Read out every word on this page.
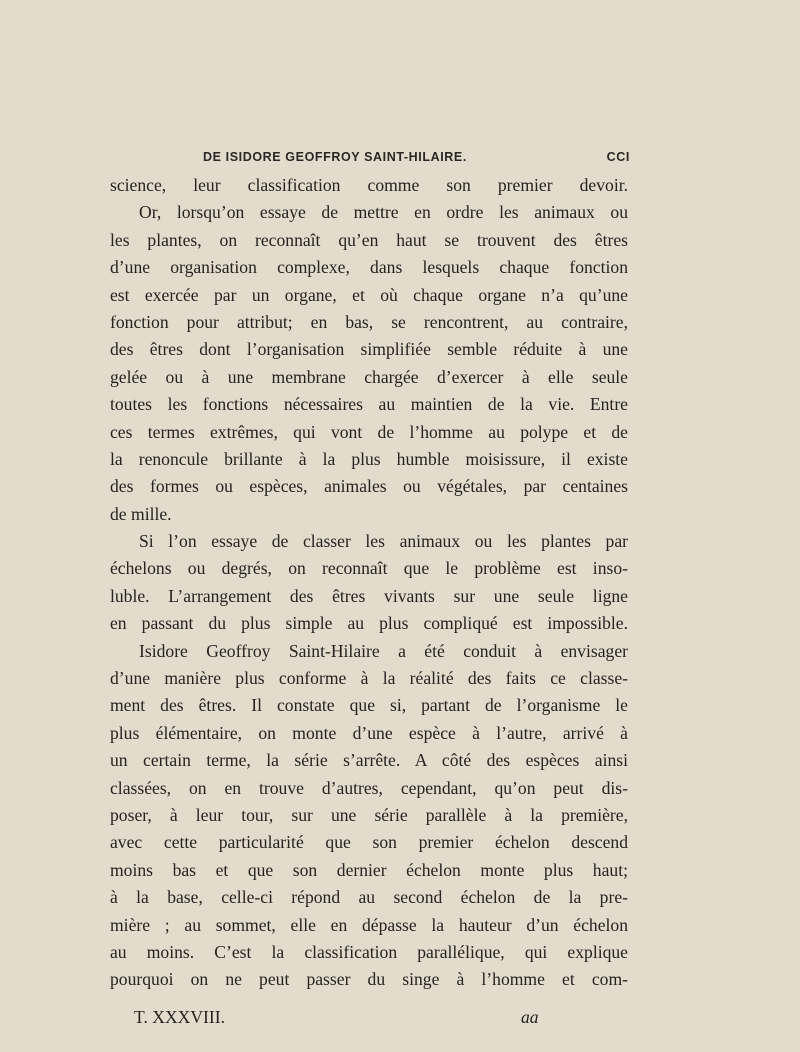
DE ISIDORE GEOFFROY SAINT-HILAIRE.	CCI
science, leur classification comme son premier devoir.
Or, lorsqu’on essaye de mettre en ordre les animaux ou
les plantes, on reconnaît qu’en haut se trouvent des êtres
d’une organisation complexe, dans lesquels chaque fonction
est exercée par un organe, et où chaque organe n’a qu’une
fonction pour attribut; en bas, se rencontrent, au contraire,
des êtres dont l’organisation simplifiée semble réduite à une
gelée ou à une membrane chargée d’exercer à elle seule
toutes les fonctions nécessaires au maintien de la vie. Entre
ces termes extrêmes, qui vont de l’homme au polype et de
la renoncule brillante à la plus humble moisissure, il existe
des formes ou espèces, animales ou végétales, par centaines
de mille.
Si l’on essaye de classer les animaux ou les plantes par
échelons ou degrés, on reconnaît que le problème est inso-
luble. L’arrangement des êtres vivants sur une seule ligne
en passant du plus simple au plus compliqué est impossible.
Isidore Geoffroy Saint-Hilaire a été conduit à envisager
d’une manière plus conforme à la réalité des faits ce classe-
ment des êtres. Il constate que si, partant de l’organisme le
plus élémentaire, on monte d’une espèce à l’autre, arrivé à
un certain terme, la série s’arrête. A côté des espèces ainsi
classées, on en trouve d’autres, cependant, qu’on peut dis-
poser, à leur tour, sur une série parallèle à la première,
avec cette particularité que son premier échelon descend
moins bas et que son dernier échelon monte plus haut;
à la base, celle-ci répond au second échelon de la pre-
mière ; au sommet, elle en dépasse la hauteur d’un échelon
au moins. C’est la classification parallélique, qui explique
pourquoi on ne peut passer du singe à l’homme et com-
T. XXXVIII.	aa
